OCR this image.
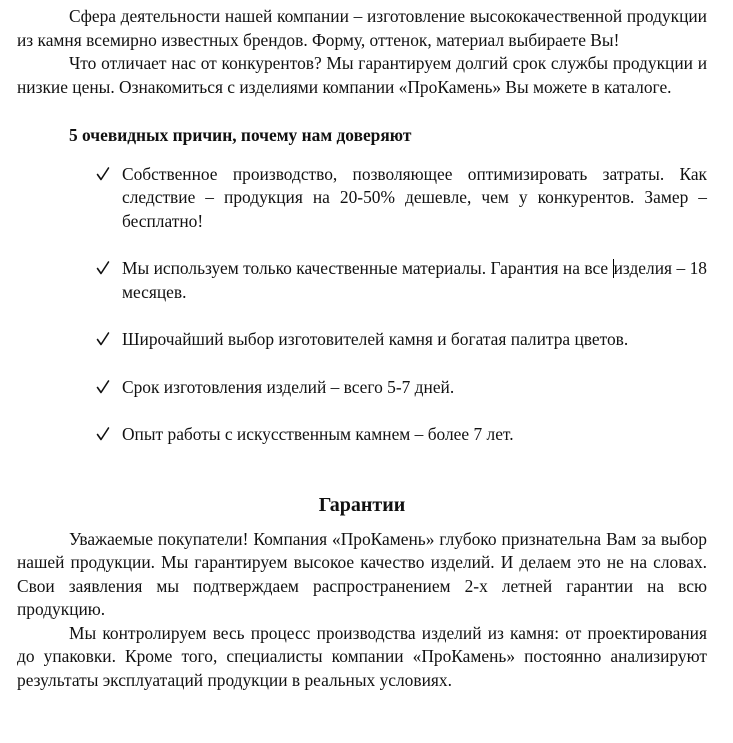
Сфера деятельности нашей компании – изготовление высококачественной продукции из камня всемирно известных брендов. Форму, оттенок, материал выбираете Вы!

Что отличает нас от конкурентов? Мы гарантируем долгий срок службы продукции и низкие цены. Ознакомиться с изделиями компании «ПроКамень» Вы можете в каталоге.

5 очевидных причин, почему нам доверяют

Собственное производство, позволяющее оптимизировать затраты. Как следствие – продукция на 20-50% дешевле, чем у конкурентов. Замер – бесплатно!
Мы используем только качественные материалы. Гарантия на все изделия – 18 месяцев.
Широчайший выбор изготовителей камня и богатая палитра цветов.
Срок изготовления изделий – всего 5-7 дней.
Опыт работы с искусственным камнем – более 7 лет.
Гарантии

Уважаемые покупатели! Компания «ПроКамень» глубоко признательна Вам за выбор нашей продукции. Мы гарантируем высокое качество изделий. И делаем это не на словах. Свои заявления мы подтверждаем распространением 2-х летней гарантии на всю продукцию.

Мы контролируем весь процесс производства изделий из камня: от проектирования до упаковки. Кроме того, специалисты компании «ПроКамень» постоянно анализируют результаты эксплуатаций продукции в реальных условиях.
